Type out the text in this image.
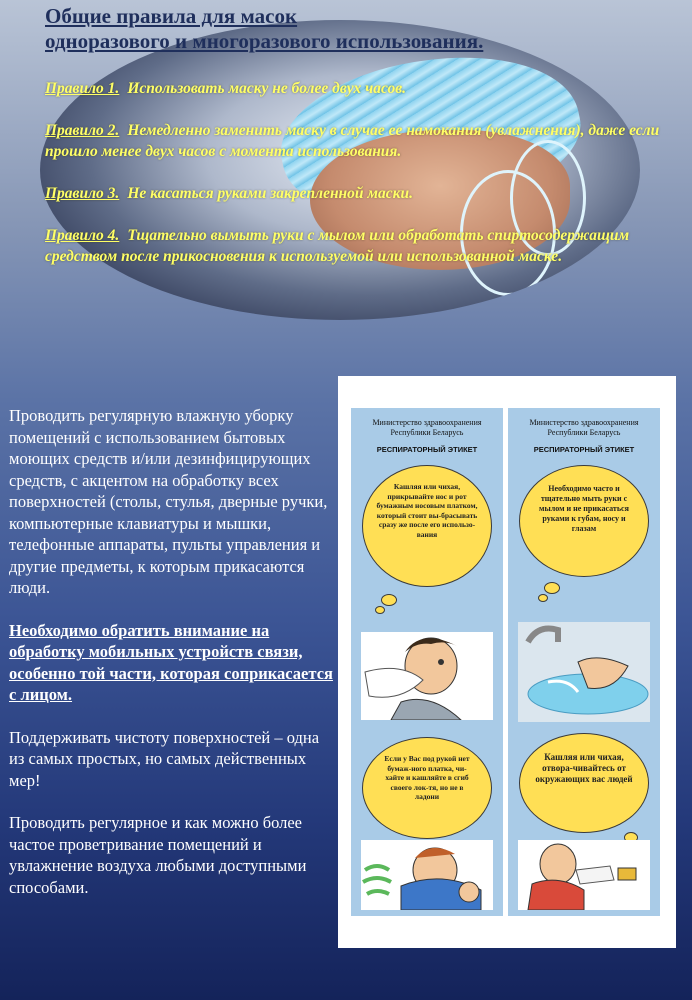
Общие правила для масок
одноразового и многоразового использования.

Правило 1. Использовать маску не более двух часов.

Правило 2. Немедленно заменить маску в случае ее намокания (увлажнения), даже если прошло менее двух часов с момента использования.

Правило 3. Не касаться руками закрепленной маски.

Правило 4. Тщательно вымыть руки с мылом или обработать спиртосодержащим средством после прикосновения к используемой или использованной маске.

Проводить регулярную влажную уборку помещений с использованием бытовых моющих средств и/или дезинфицирующих средств, с акцентом на обработку всех поверхностей (столы, стулья, дверные ручки, компьютерные клавиатуры и мышки, телефонные аппараты, пульты управления и другие предметы, к которым прикасаются люди.

Необходимо обратить внимание на обработку мобильных устройств связи, особенно той части, которая соприкасается с лицом.

Поддерживать чистоту поверхностей – одна из самых простых, но самых действенных мер!

Проводить регулярное и как можно более частое проветривание помещений и увлажнение воздуха любыми доступными способами.

Министерство здравоохранения
Республики Беларусь
РЕСПИРАТОРНЫЙ ЭТИКЕТ
Кашляя или чихая, прикрывайте нос и рот бумажным носовым платком, который стоит вы-брасывать сразу же после его использо-вания
Если у Вас под рукой нет бумаж-ного платка, чи-хайте и кашляйте в сгиб своего лок-тя, но не в ладони
Министерство здравоохранения
Республики Беларусь
РЕСПИРАТОРНЫЙ ЭТИКЕТ
Необходимо часто и тщательно мыть руки с мылом и не прикасаться руками к губам, носу и глазам
Кашляя или чихая, отвора-чивайтесь от окружающих вас людей
